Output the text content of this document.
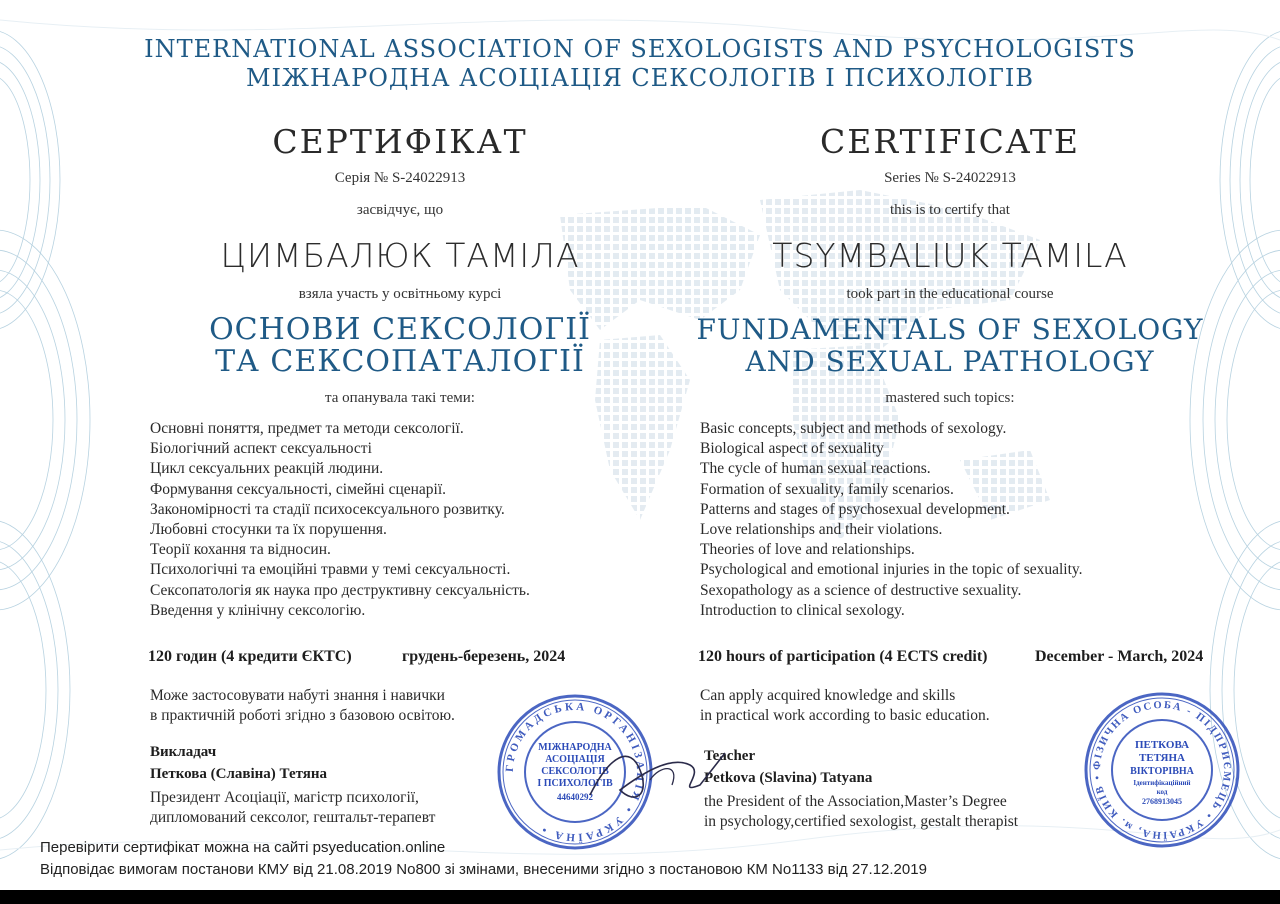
INTERNATIONAL ASSOCIATION OF SEXOLOGISTS AND PSYCHOLOGISTS
МІЖНАРОДНА АСОЦІАЦІЯ СЕКСОЛОГІВ І ПСИХОЛОГІВ
СЕРТИФІКАТ
Серія № S-24022913
засвідчує, що
ЦИМБАЛЮК ТАМІЛА
взяла участь у освітньому курсі
ОСНОВИ СЕКСОЛОГІЇ
ТА СЕКСОПАТАЛОГІЇ
та опанувала такі теми:
Основні поняття, предмет та методи сексології.
Біологічний аспект сексуальності
Цикл сексуальних реакцій людини.
Формування сексуальності, сімейні сценарії.
Закономірності та стадії психосексуального розвитку.
Любовні стосунки та їх порушення.
Теорії кохання та відносин.
Психологічні та емоційні травми у темі сексуальності.
Сексопатологія як наука про деструктивну сексуальність.
Введення у клінічну сексологію.
120 годин (4 кредити ЄКТС)	грудень-березень, 2024
Може застосовувати набуті знання і навички
в практичній роботі згідно з базовою освітою.
Викладач
Петкова (Славіна) Тетяна
Президент Асоціації, магістр психології,
дипломований сексолог, гештальт-терапевт
CERTIFICATE
Series № S-24022913
this is to certify that
TSYMBALIUK TAMILA
took part in the educational course
FUNDAMENTALS OF SEXOLOGY
AND SEXUAL PATHOLOGY
mastered such topics:
Basic concepts, subject and methods of sexology.
Biological aspect of sexuality
The cycle of human sexual reactions.
Formation of sexuality, family scenarios.
Patterns and stages of psychosexual development.
Love relationships and their violations.
Theories of love and relationships.
Psychological and emotional injuries in the topic of sexuality.
Sexopathology as a science of destructive sexuality.
Introduction to clinical sexology.
120 hours of participation (4 ECTS credit)	December - March, 2024
Can apply acquired knowledge and skills
in practical work according to basic education.
Teacher
Petkova (Slavina) Tatyana
the President of the Association,Master’s Degree
in psychology,certified sexologist, gestalt therapist
ГРОМАДСЬКА ОРГАНІЗАЦІЯ • УКРАЇНА •
МІЖНАРОДНА
АСОЦІАЦІЯ
СЕКСОЛОГІВ
І ПСИХОЛОГІВ
44640292
ФІЗИЧНА ОСОБА - ПІДПРИЄМЕЦЬ • УКРАЇНА, м. КИЇВ •
ПЕТКОВА
ТЕТЯНА
ВІКТОРІВНА
Ідентифікаційний
код
2768913045
Перевірити сертифікат можна на сайті psyeducation.online
Відповідає вимогам постанови КМУ від 21.08.2019 No800 зі змінами, внесеними згідно з постановою КМ No1133 від 27.12.2019
